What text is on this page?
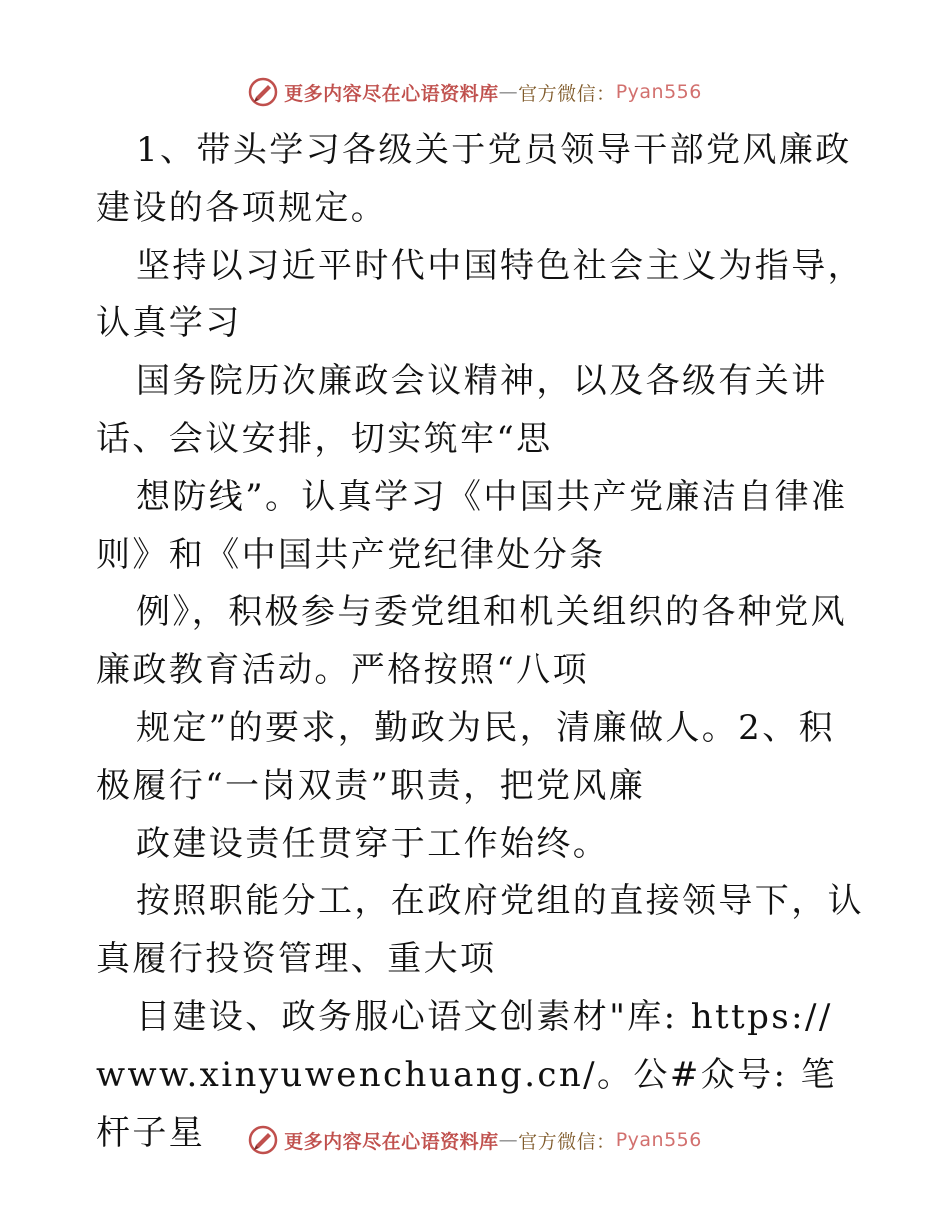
更多内容尽在心语资料库 — 官方微信： Pyan556

1、带头学习各级关于党员领导干部党风廉政建设的各项规定。

坚持以习近平时代中国特色社会主义为指导，认真学习

国务院历次廉政会议精神，以及各级有关讲话、会议安排，切实筑牢“思

想防线”。认真学习《中国共产党廉洁自律准则》和《中国共产党纪律处分条

例》，积极参与委党组和机关组织的各种党风廉政教育活动。严格按照“八项

规定”的要求，勤政为民，清廉做人。2、积极履行“一岗双责”职责，把党风廉

政建设责任贯穿于工作始终。

按照职能分工，在政府党组的直接领导下，认真履行投资管理、重大项

目建设、政务服心语文创素材"库: https:// www.xinyuwenchuang.cn/。公#众号: 笔杆子星	更多内容尽在心语资料库 — 官方微信： Pyan556
